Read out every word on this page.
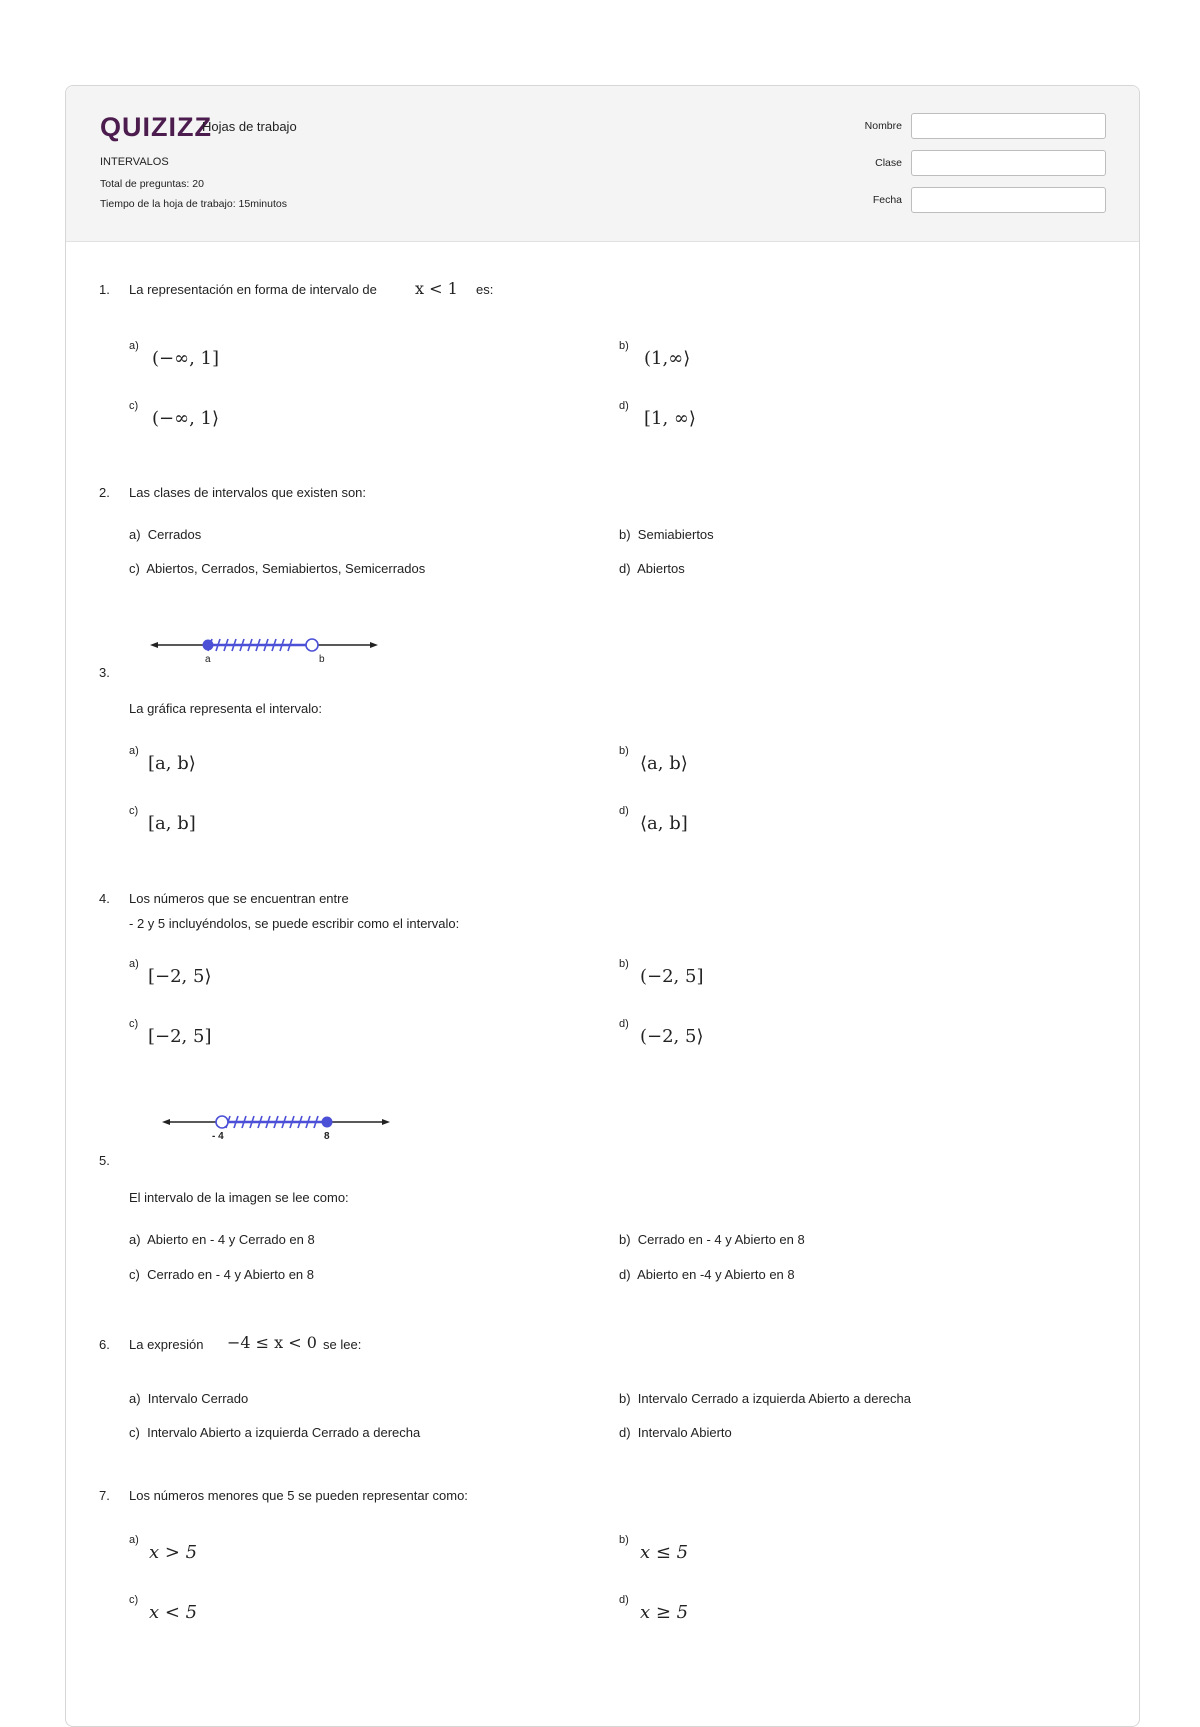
QUIZIZZ
Hojas de trabajo
INTERVALOS
Total de preguntas: 20
Tiempo de la hoja de trabajo: 15minutos
Nombre
Clase
Fecha
1. La representación en forma de intervalo de x < 1 es:
a)
(−∞, 1]
b)
(1,∞⟩
c)
(−∞, 1⟩
d)
[1, ∞⟩
2. Las clases de intervalos que existen son:
a) Cerrados	b) Semiabiertos
c) Abiertos, Cerrados, Semiabiertos, Semicerrados	d) Abiertos
a	b
3.
La gráfica representa el intervalo:
a)
[a, b⟩
b)
⟨a, b⟩
c)
[a, b]
d)
⟨a, b]
4. Los números que se encuentran entre
- 2 y 5 incluyéndolos, se puede escribir como el intervalo:
a)
[−2, 5⟩
b)
(−2, 5]
c)
[−2, 5]
d)
(−2, 5⟩
- 4	8
5.
El intervalo de la imagen se lee como:
a) Abierto en - 4 y Cerrado en 8	b) Cerrado en - 4 y Abierto en 8
c) Cerrado en - 4 y Abierto en 8	d) Abierto en -4 y Abierto en 8
6. La expresión −4 ≤ x < 0 se lee:
a) Intervalo Cerrado	b) Intervalo Cerrado a izquierda Abierto a derecha
c) Intervalo Abierto a izquierda Cerrado a derecha	d) Intervalo Abierto
7. Los números menores que 5 se pueden representar como:
a)
x > 5
b)
x ≤ 5
c)
x < 5
d)
x ≥ 5
